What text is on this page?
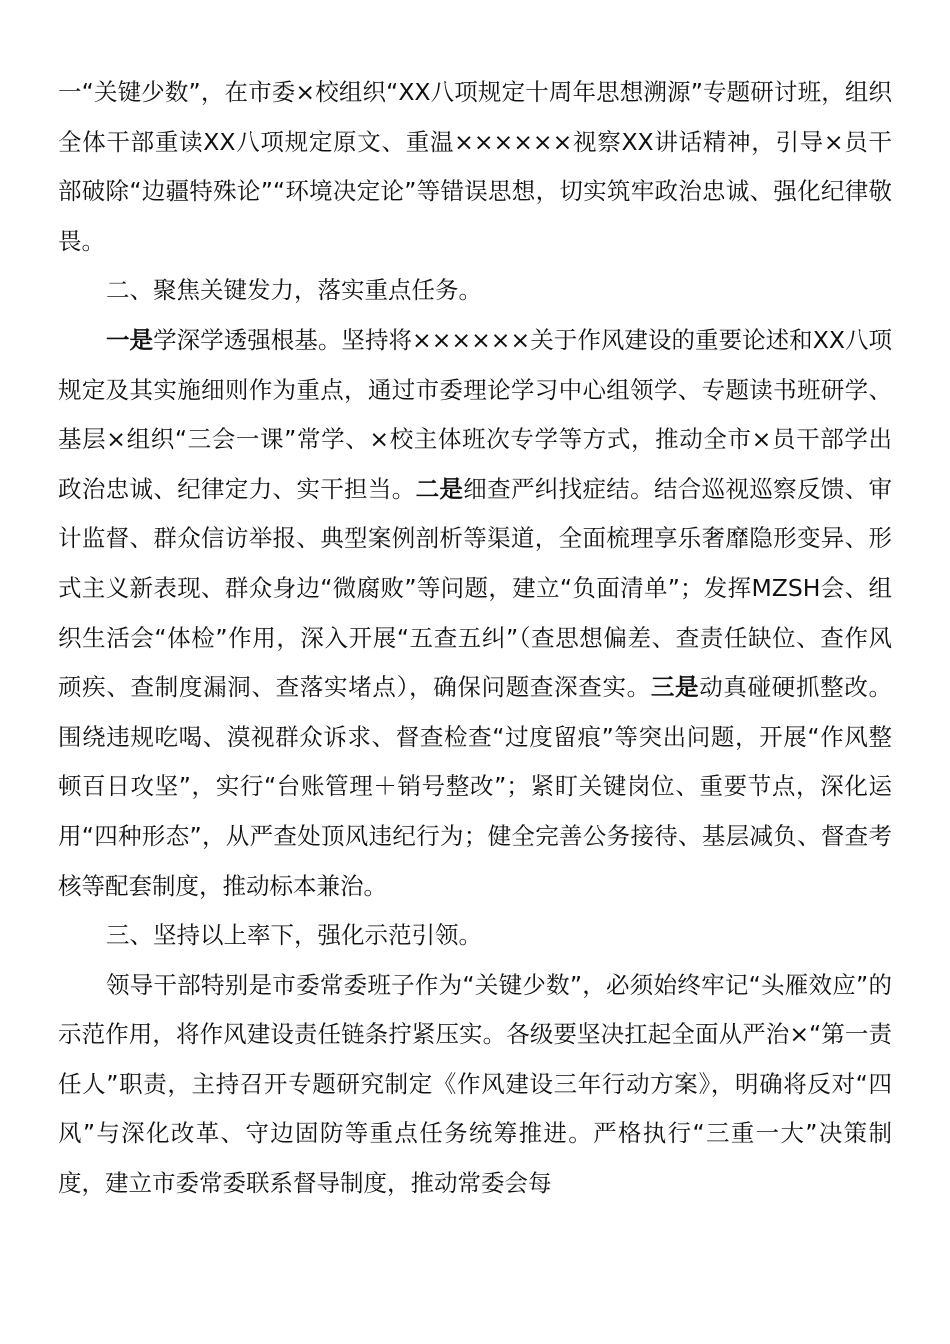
一“关键少数”，在市委×校组织“XX八项规定十周年思想溯源”专题研讨班，组织全体干部重读XX八项规定原文、重温××××××视察XX讲话精神，引导×员干部破除“边疆特殊论”“环境决定论”等错误思想，切实筑牢政治忠诚、强化纪律敬畏。

二、聚焦关键发力，落实重点任务。

一是学深学透强根基。坚持将××××××关于作风建设的重要论述和XX八项规定及其实施细则作为重点，通过市委理论学习中心组领学、专题读书班研学、基层×组织“三会一课”常学、×校主体班次专学等方式，推动全市×员干部学出政治忠诚、纪律定力、实干担当。二是细查严纠找症结。结合巡视巡察反馈、审计监督、群众信访举报、典型案例剖析等渠道，全面梳理享乐奢靡隐形变异、形式主义新表现、群众身边“微腐败”等问题，建立“负面清单”；发挥MZSH会、组织生活会“体检”作用，深入开展“五查五纠”（查思想偏差、查责任缺位、查作风顽疾、查制度漏洞、查落实堵点），确保问题查深查实。三是动真碰硬抓整改。围绕违规吃喝、漠视群众诉求、督查检查“过度留痕”等突出问题，开展“作风整顿百日攻坚”，实行“台账管理＋销号整改”；紧盯关键岗位、重要节点，深化运用“四种形态”，从严查处顶风违纪行为；健全完善公务接待、基层减负、督查考核等配套制度，推动标本兼治。

三、坚持以上率下，强化示范引领。

领导干部特别是市委常委班子作为“关键少数”，必须始终牢记“头雁效应”的示范作用，将作风建设责任链条拧紧压实。各级要坚决扛起全面从严治×“第一责任人”职责，主持召开专题研究制定《作风建设三年行动方案》，明确将反对“四风”与深化改革、守边固防等重点任务统筹推进。严格执行“三重一大”决策制度，建立市委常委联系督导制度，推动常委会每
